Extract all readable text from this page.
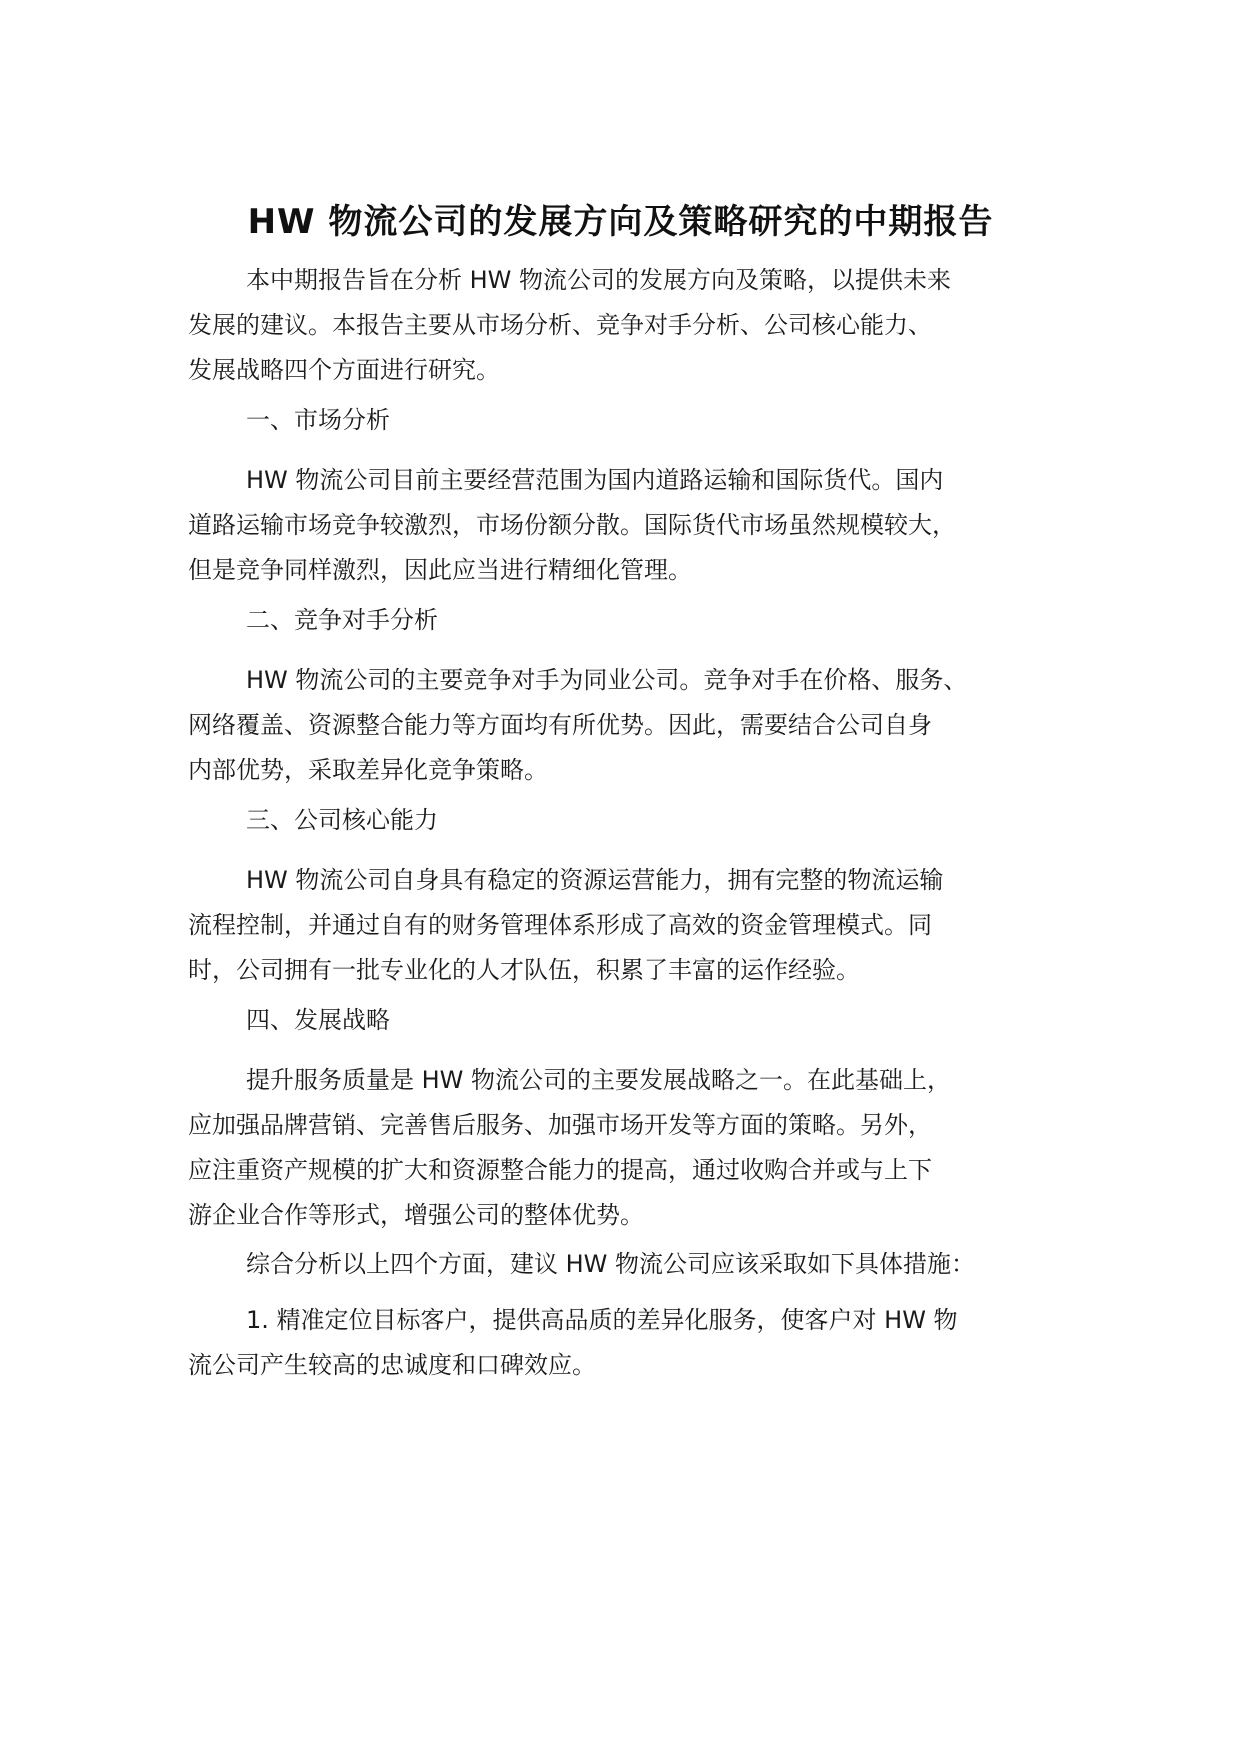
HW 物流公司的发展方向及策略研究的中期报告

本中期报告旨在分析 HW 物流公司的发展方向及策略，以提供未来
发展的建议。本报告主要从市场分析、竞争对手分析、公司核心能力、
发展战略四个方面进行研究。

一、市场分析

HW 物流公司目前主要经营范围为国内道路运输和国际货代。国内
道路运输市场竞争较激烈，市场份额分散。国际货代市场虽然规模较大，
但是竞争同样激烈，因此应当进行精细化管理。

二、竞争对手分析

HW 物流公司的主要竞争对手为同业公司。竞争对手在价格、服务、
网络覆盖、资源整合能力等方面均有所优势。因此，需要结合公司自身
内部优势，采取差异化竞争策略。

三、公司核心能力

HW 物流公司自身具有稳定的资源运营能力，拥有完整的物流运输
流程控制，并通过自有的财务管理体系形成了高效的资金管理模式。同
时，公司拥有一批专业化的人才队伍，积累了丰富的运作经验。

四、发展战略

提升服务质量是 HW 物流公司的主要发展战略之一。在此基础上，
应加强品牌营销、完善售后服务、加强市场开发等方面的策略。另外，
应注重资产规模的扩大和资源整合能力的提高，通过收购合并或与上下
游企业合作等形式，增强公司的整体优势。

综合分析以上四个方面，建议 HW 物流公司应该采取如下具体措施：

1. 精准定位目标客户，提供高品质的差异化服务，使客户对 HW 物
流公司产生较高的忠诚度和口碑效应。
